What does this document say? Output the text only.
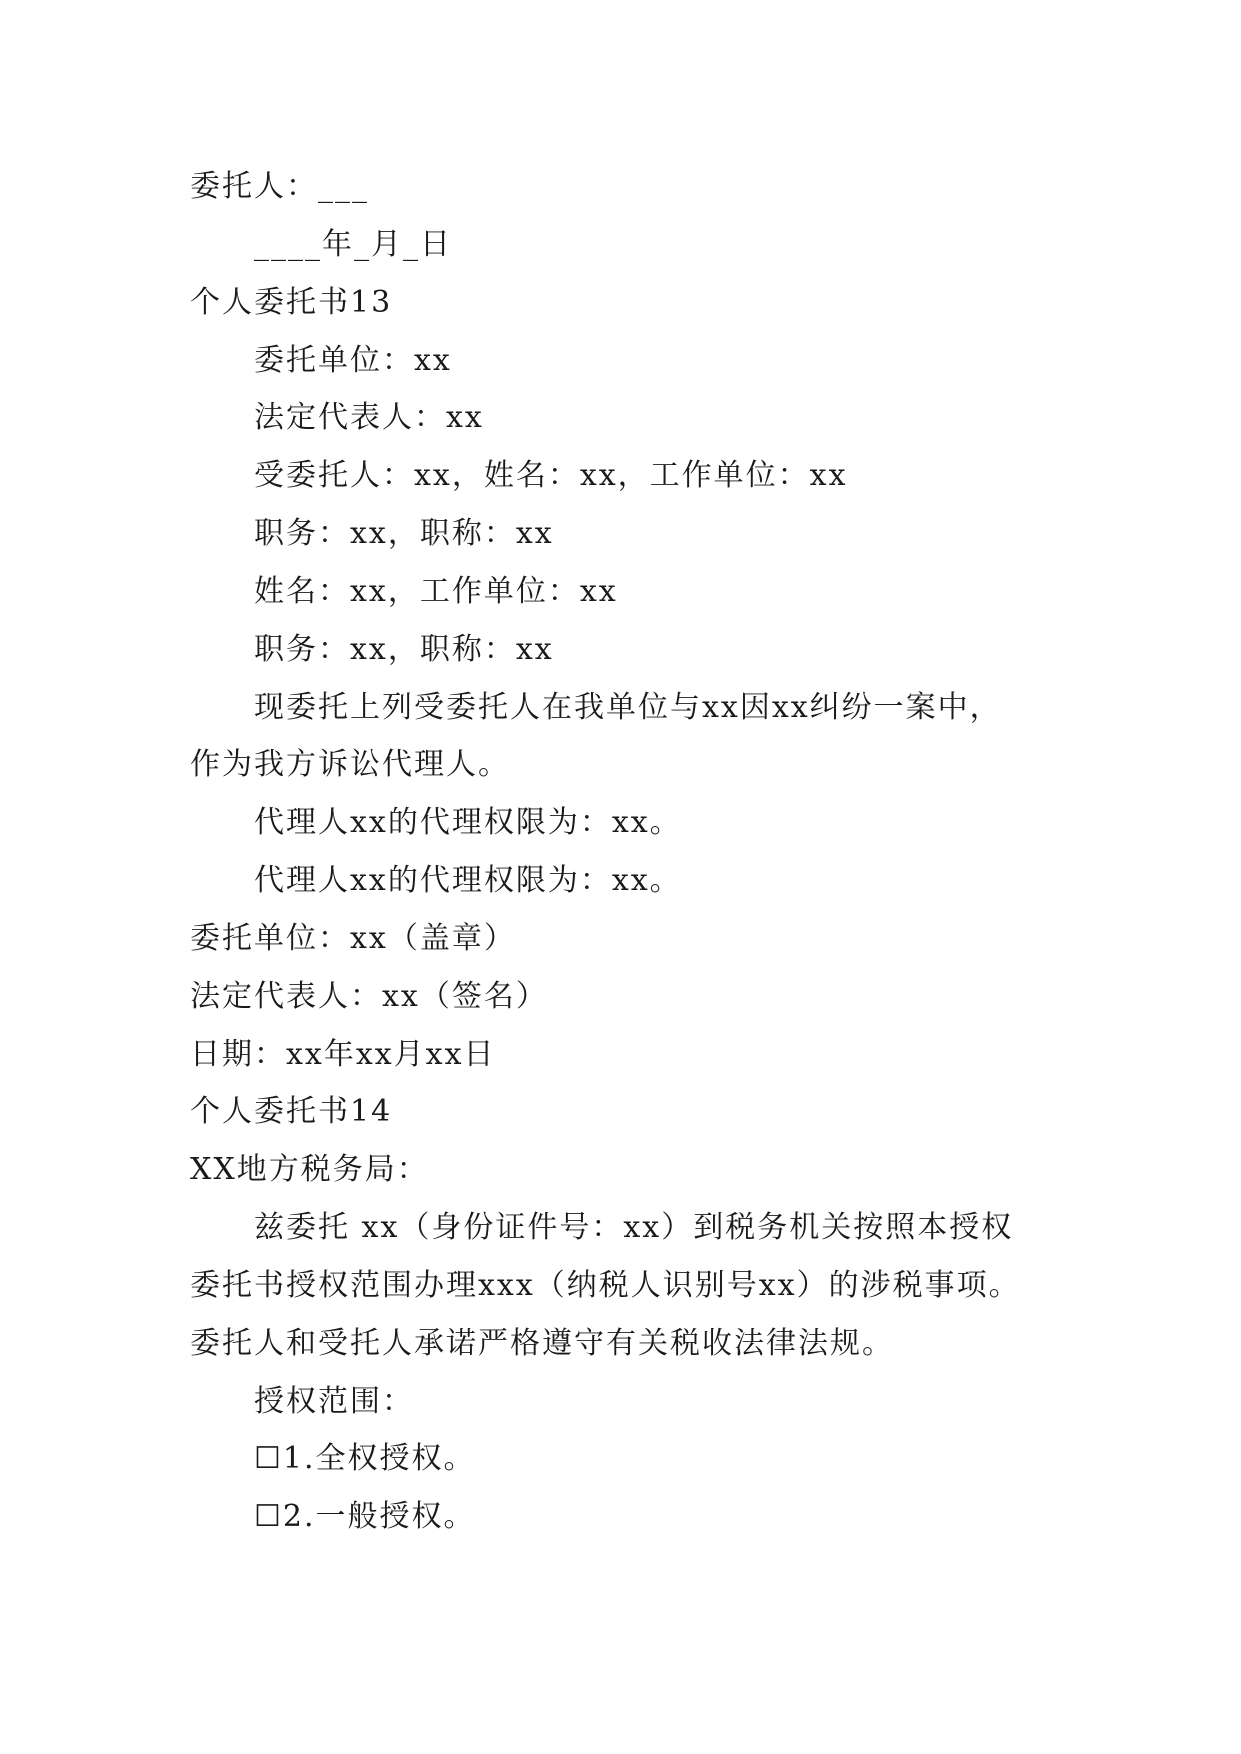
委托人：___
____年_月_日
个人委托书13
委托单位：xx
法定代表人：xx
受委托人：xx，姓名：xx，工作单位：xx
职务：xx，职称：xx
姓名：xx，工作单位：xx
职务：xx，职称：xx
现委托上列受委托人在我单位与xx因xx纠纷一案中，
作为我方诉讼代理人。
代理人xx的代理权限为：xx。
代理人xx的代理权限为：xx。
委托单位：xx（盖章）
法定代表人：xx（签名）
日期：xx年xx月xx日
个人委托书14
XX地方税务局：
兹委托 xx（身份证件号：xx）到税务机关按照本授权
委托书授权范围办理xxx（纳税人识别号xx）的涉税事项。
委托人和受托人承诺严格遵守有关税收法律法规。
授权范围：
☐1.全权授权。
☐2.一般授权。
